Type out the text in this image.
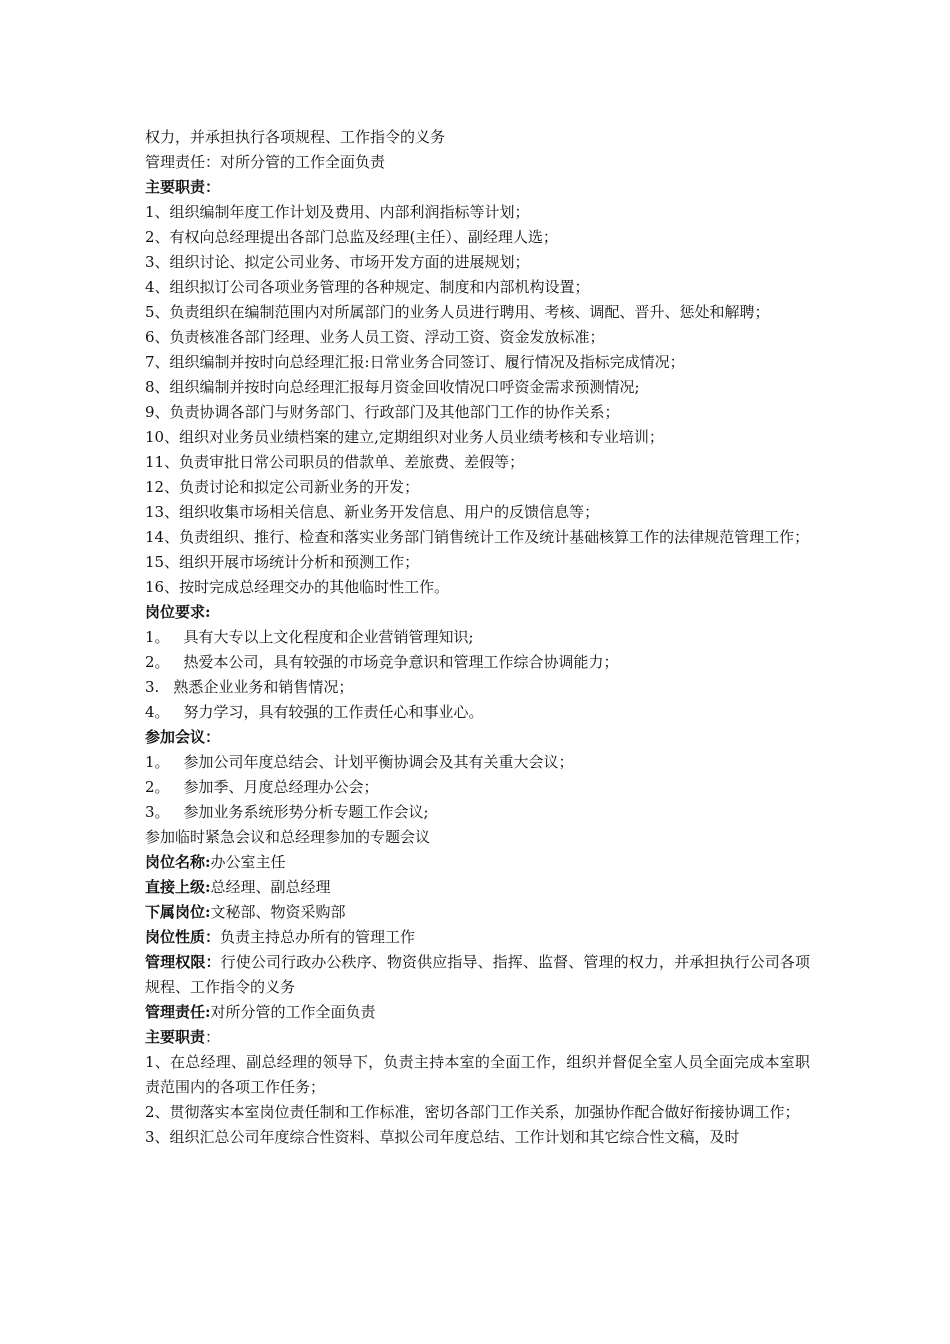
权力，并承担执行各项规程、工作指令的义务
管理责任：对所分管的工作全面负责
主要职责：
1、组织编制年度工作计划及费用、内部利润指标等计划；
2、有权向总经理提出各部门总监及经理(主任）、副经理人选；
3、组织讨论、拟定公司业务、市场开发方面的进展规划；
4、组织拟订公司各项业务管理的各种规定、制度和内部机构设置；
5、负责组织在编制范围内对所属部门的业务人员进行聘用、考核、调配、晋升、惩处和解聘；
6、负责核准各部门经理、业务人员工资、浮动工资、资金发放标准；
7、组织编制并按时向总经理汇报:日常业务合同签订、履行情况及指标完成情况；
8、组织编制并按时向总经理汇报每月资金回收情况口呼资金需求预测情况;
9、负责协调各部门与财务部门、行政部门及其他部门工作的协作关系；
10、组织对业务员业绩档案的建立,定期组织对业务人员业绩考核和专业培训；
11、负责审批日常公司职员的借款单、差旅费、差假等；
12、负责讨论和拟定公司新业务的开发；
13、组织收集市场相关信息、新业务开发信息、用户的反馈信息等；
14、负责组织、推行、检查和落实业务部门销售统计工作及统计基础核算工作的法律规范管理工作；
15、组织开展市场统计分析和预测工作；
16、按时完成总经理交办的其他临时性工作。
岗位要求:
1。 具有大专以上文化程度和企业营销管理知识;
2。 热爱本公司，具有较强的市场竞争意识和管理工作综合协调能力；
3. 熟悉企业业务和销售情况；
4。 努力学习，具有较强的工作责任心和事业心。
参加会议：
1。 参加公司年度总结会、计划平衡协调会及其有关重大会议；
2。 参加季、月度总经理办公会；
3。 参加业务系统形势分析专题工作会议;
参加临时紧急会议和总经理参加的专题会议
岗位名称:办公室主任
直接上级:总经理、副总经理
下属岗位:文秘部、物资采购部
岗位性质：负责主持总办所有的管理工作
管理权限：行使公司行政办公秩序、物资供应指导、指挥、监督、管理的权力，并承担执行公司各项规程、工作指令的义务
管理责任:对所分管的工作全面负责
主要职责：
1、在总经理、副总经理的领导下，负责主持本室的全面工作，组织并督促全室人员全面完成本室职责范围内的各项工作任务；
2、贯彻落实本室岗位责任制和工作标准，密切各部门工作关系，加强协作配合做好衔接协调工作；
3、组织汇总公司年度综合性资料、草拟公司年度总结、工作计划和其它综合性文稿，及时
